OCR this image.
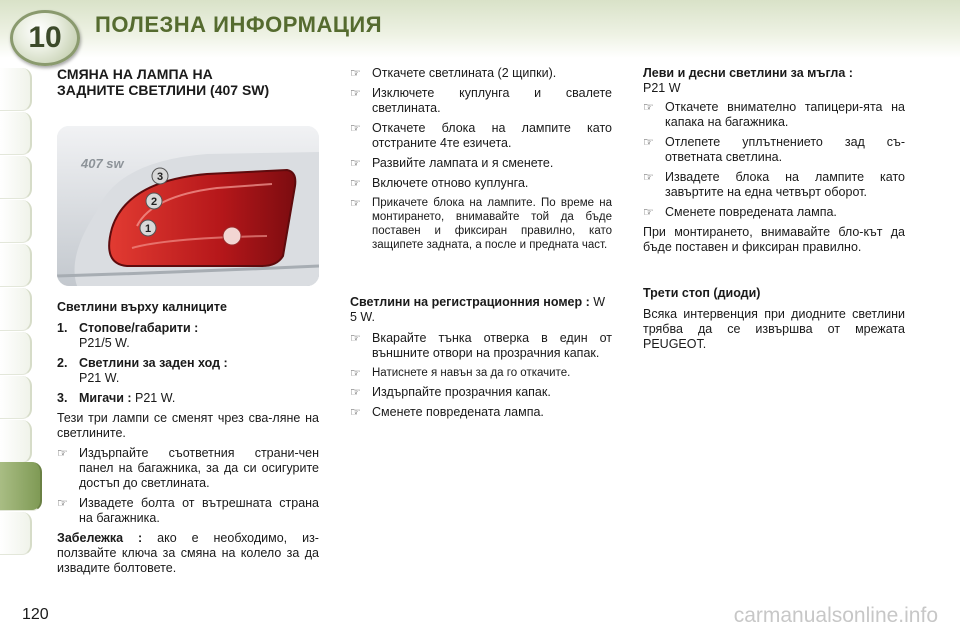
10	ПОЛЕЗНА ИНФОРМАЦИЯ
СМЯНА НА ЛАМПА НА
ЗАДНИТЕ СВЕТЛИНИ (407 SW)
3
2
1
407 sw
Светлини върху калниците
1. Стопове/габарити :
P21/5 W.
2. Светлини за заден ход :
P21 W.
3. Мигачи : P21 W.
Тези три лампи се сменят чрез сва-ляне на светлините.
☞ Издърпайте съответния страни-чен панел на багажника, за да си осигурите достъп до светлината.
☞ Извадете болта от вътрешната страна на багажника.
Забележка : ако е необходимо, из-ползвайте ключа за смяна на колело за да извадите болтовете.
☞ Откачете светлината (2 щипки).
☞ Изключете куплунга и свалете светлината.
☞ Откачете блока на лампите като отстраните 4те езичета.
☞ Развийте лампата и я сменете.
☞ Включете отново куплунга.
☞ Прикачете блока на лампите. По време на монтирането, внимавайте той да бъде поставен и фиксиран правилно, като защипете задната, а после и предната част.
Светлини на регистрационния номер : W 5 W.
☞ Вкарайте тънка отверка в един от външните отвори на прозрачния капак.
☞ Натиснете я навън за да го откачите.
☞ Издърпайте прозрачния капак.
☞ Сменете повредената лампа.
Леви и десни светлини за мъгла :
P21 W
☞ Откачете внимателно тапицери-ята на капака на багажника.
☞ Отлепете уплътнението зад съ-ответната светлина.
☞ Извадете блока на лампите като завъртите на една четвърт оборот.
☞ Сменете повредената лампа.
При монтирането, внимавайте бло-кът да бъде поставен и фиксиран правилно.
Трети стоп (диоди)
Всяка интервенция при диодните светлини трябва да се извършва от мрежата PEUGEOT.
120	carmanualsonline.info
